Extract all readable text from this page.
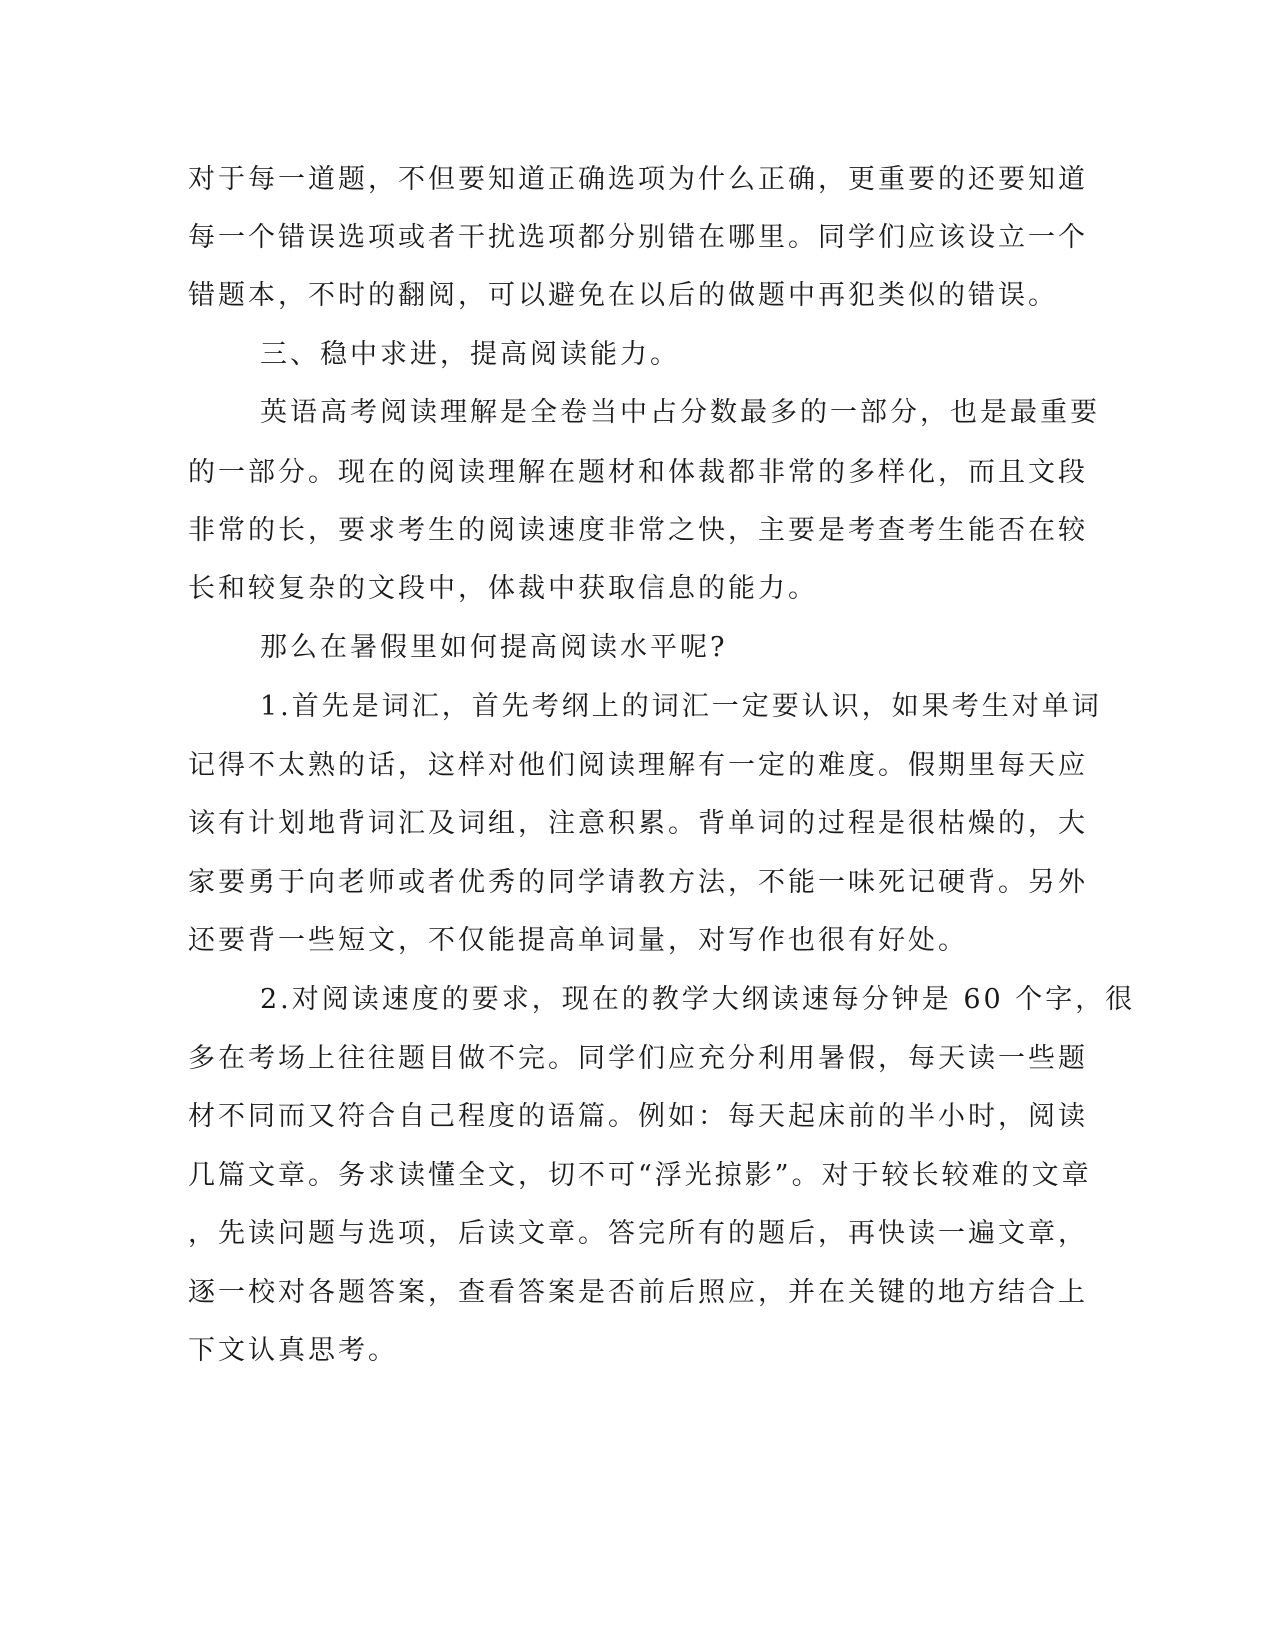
对于每一道题，不但要知道正确选项为什么正确，更重要的还要知道
每一个错误选项或者干扰选项都分别错在哪里。同学们应该设立一个
错题本，不时的翻阅，可以避免在以后的做题中再犯类似的错误。
三、稳中求进，提高阅读能力。
英语高考阅读理解是全卷当中占分数最多的一部分，也是最重要
的一部分。现在的阅读理解在题材和体裁都非常的多样化，而且文段
非常的长，要求考生的阅读速度非常之快，主要是考查考生能否在较
长和较复杂的文段中，体裁中获取信息的能力。
那么在暑假里如何提高阅读水平呢?
1.首先是词汇，首先考纲上的词汇一定要认识，如果考生对单词
记得不太熟的话，这样对他们阅读理解有一定的难度。假期里每天应
该有计划地背词汇及词组，注意积累。背单词的过程是很枯燥的，大
家要勇于向老师或者优秀的同学请教方法，不能一味死记硬背。另外
还要背一些短文，不仅能提高单词量，对写作也很有好处。
2.对阅读速度的要求，现在的教学大纲读速每分钟是 60 个字，很
多在考场上往往题目做不完。同学们应充分利用暑假，每天读一些题
材不同而又符合自己程度的语篇。例如：每天起床前的半小时，阅读
几篇文章。务求读懂全文，切不可“浮光掠影”。对于较长较难的文章
，先读问题与选项，后读文章。答完所有的题后，再快读一遍文章，
逐一校对各题答案，查看答案是否前后照应，并在关键的地方结合上
下文认真思考。
